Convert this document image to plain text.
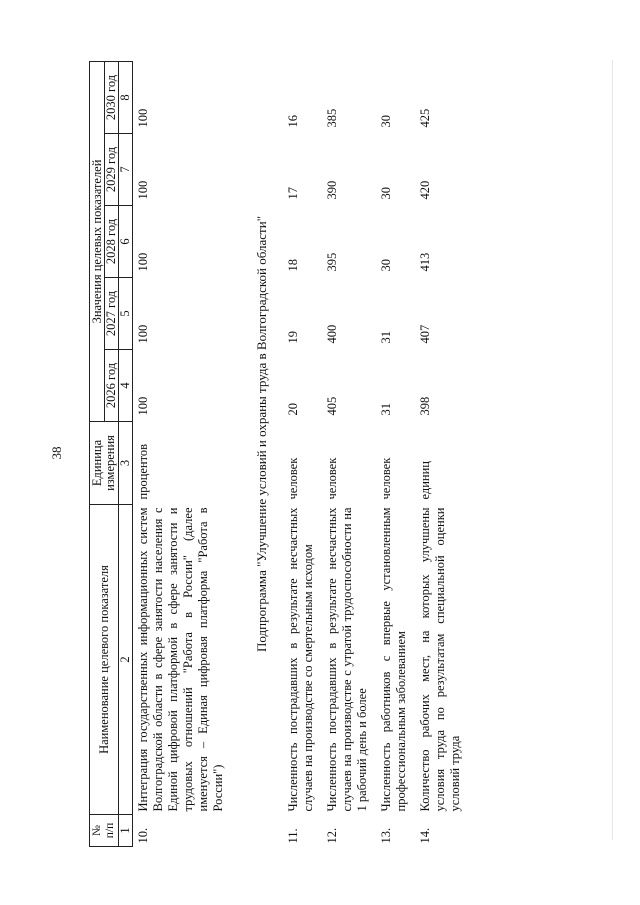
38
№
п/п	Наименование целевого показателя	Единица измерения	Значения целевых показателей				
			2026 год	2027 год	2028 год	2029 год	2030 год
1	2	3	4	5	6	7	8
10.	Интеграция государственных информационных систем Волгоградской области в сфере занятости населения с Единой цифровой платформой в сфере занятости и трудовых отношений "Работа в России" (далее именуется – Единая цифровая платформа "Работа в России")	процентов	100	100	100	100	100
Подпрограмма "Улучшение условий и охраны труда в Волгоградской области"							
11.	Численность пострадавших в результате несчастных случаев на производстве со смертельным исходом	человек	20	19	18	17	16
12.	Численность пострадавших в результате несчастных случаев на производстве с утратой трудоспособности на 1 рабочий день и более	человек	405	400	395	390	385
13.	Численность работников с впервые установленным профессиональным заболеванием	человек	31	31	30	30	30
14.	Количество рабочих мест, на которых улучшены условия труда по результатам специальной оценки условий труда	единиц	398	407	413	420	425
